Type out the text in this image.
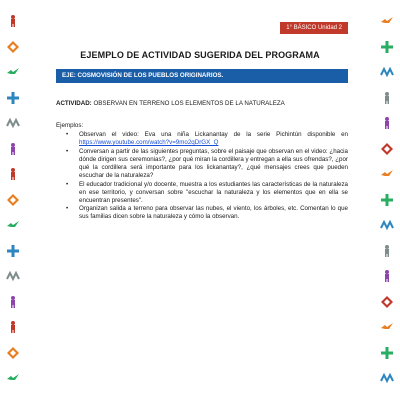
1° BÁSICO Unidad 2
EJEMPLO DE ACTIVIDAD SUGERIDA DEL PROGRAMA
EJE: COSMOVISIÓN DE LOS PUEBLOS ORIGINARIOS.
ACTIVIDAD: OBSERVAN EN TERRENO LOS ELEMENTOS DE LA NATURALEZA
Ejemplos:
• Observan el video: Eva una niña Lickanantay de la serie Pichintún disponible en https://www.youtube.com/watch?v=9mo2qDrGX_Q
• Conversan a partir de las siguientes preguntas, sobre el paisaje que observan en el video: ¿hacia dónde dirigen sus ceremonias?, ¿por qué miran la cordillera y entregan a ella sus ofrendas?, ¿por qué la cordillera será importante para los lickanantay?, ¿qué mensajes crees que pueden escuchar de la naturaleza?
• El educador tradicional y/o docente, muestra a los estudiantes las características de la naturaleza en ese territorio, y conversan sobre "escuchar la naturaleza y los elementos que en ella se encuentran presentes".
• Organizan salida a terreno para observar las nubes, el viento, los árboles, etc. Comentan lo que sus familias dicen sobre la naturaleza y cómo la observan.
